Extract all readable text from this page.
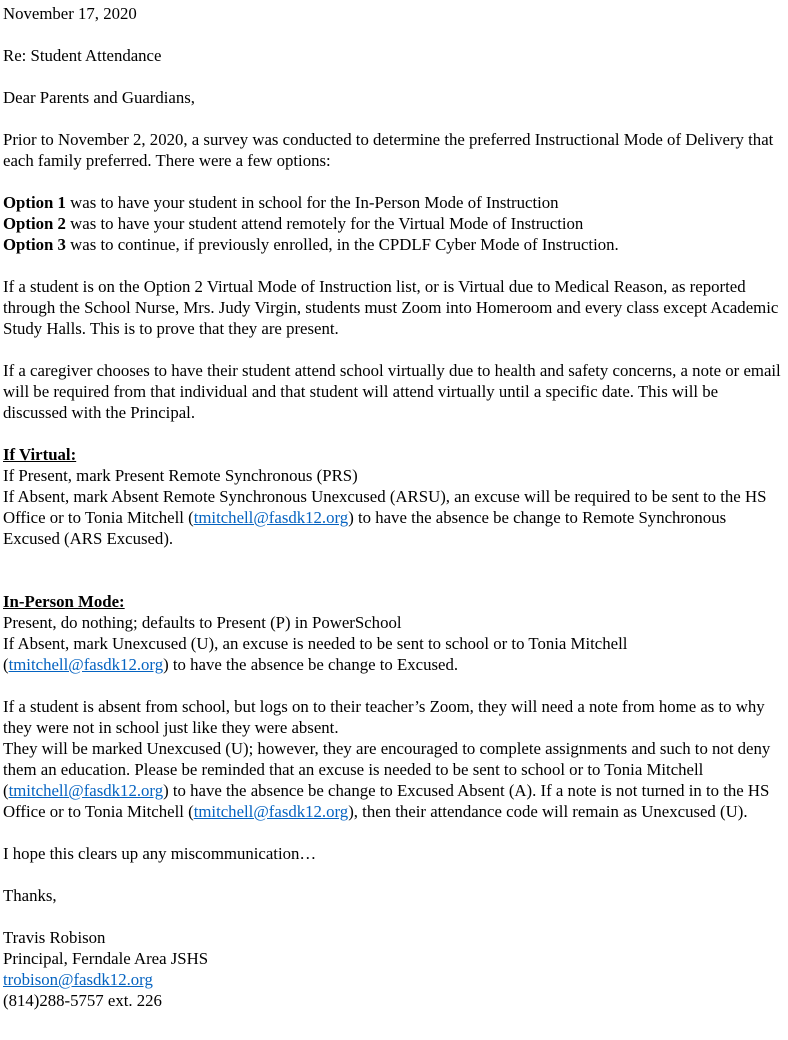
November 17, 2020

Re: Student Attendance

Dear Parents and Guardians,

Prior to November 2, 2020, a survey was conducted to determine the preferred Instructional Mode of Delivery that each family preferred. There were a few options:

Option 1 was to have your student in school for the In-Person Mode of Instruction

Option 2 was to have your student attend remotely for the Virtual Mode of Instruction

Option 3 was to continue, if previously enrolled, in the CPDLF Cyber Mode of Instruction.

If a student is on the Option 2 Virtual Mode of Instruction list, or is Virtual due to Medical Reason, as reported through the School Nurse, Mrs. Judy Virgin, students must Zoom into Homeroom and every class except Academic Study Halls. This is to prove that they are present.

If a caregiver chooses to have their student attend school virtually due to health and safety concerns, a note or email will be required from that individual and that student will attend virtually until a specific date. This will be discussed with the Principal.

If Virtual:

If Present, mark Present Remote Synchronous (PRS)

If Absent, mark Absent Remote Synchronous Unexcused (ARSU), an excuse will be required to be sent to the HS Office or to Tonia Mitchell (tmitchell@fasdk12.org) to have the absence be change to Remote Synchronous Excused (ARS Excused).

In-Person Mode:

Present, do nothing; defaults to Present (P) in PowerSchool

If Absent, mark Unexcused (U), an excuse is needed to be sent to school or to Tonia Mitchell (tmitchell@fasdk12.org) to have the absence be change to Excused.

If a student is absent from school, but logs on to their teacher’s Zoom, they will need a note from home as to why they were not in school just like they were absent.

They will be marked Unexcused (U); however, they are encouraged to complete assignments and such to not deny them an education. Please be reminded that an excuse is needed to be sent to school or to Tonia Mitchell (tmitchell@fasdk12.org) to have the absence be change to Excused Absent (A). If a note is not turned in to the HS Office or to Tonia Mitchell (tmitchell@fasdk12.org), then their attendance code will remain as Unexcused (U).

I hope this clears up any miscommunication…

Thanks,

Travis Robison

Principal, Ferndale Area JSHS

trobison@fasdk12.org

(814)288-5757 ext. 226
